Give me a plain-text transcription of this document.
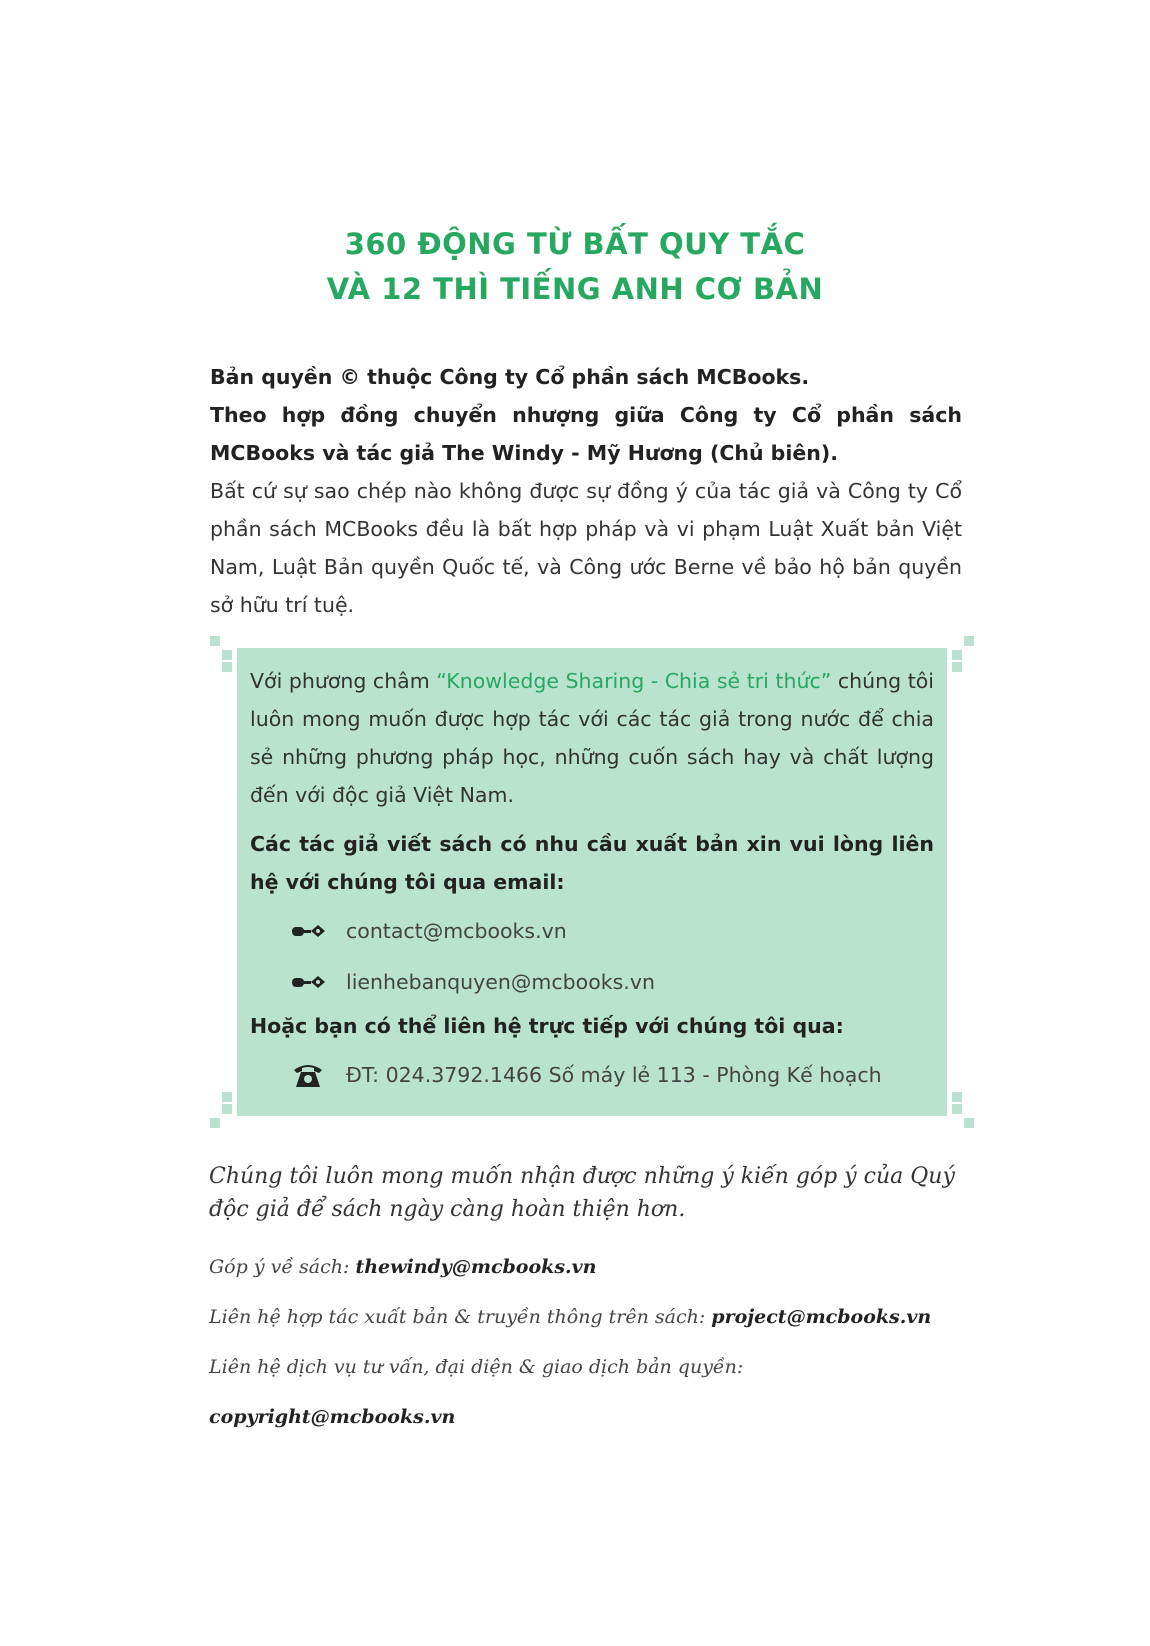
360 ĐỘNG TỪ BẤT QUY TẮC
VÀ 12 THÌ TIẾNG ANH CƠ BẢN
Bản quyền © thuộc Công ty Cổ phần sách MCBooks.
Theo hợp đồng chuyển nhượng giữa Công ty Cổ phần sách MCBooks và tác giả The Windy - Mỹ Hương (Chủ biên).
Bất cứ sự sao chép nào không được sự đồng ý của tác giả và Công ty Cổ phần sách MCBooks đều là bất hợp pháp và vi phạm Luật Xuất bản Việt Nam, Luật Bản quyền Quốc tế, và Công ước Berne về bảo hộ bản quyền sở hữu trí tuệ.

Với phương châm “Knowledge Sharing - Chia sẻ tri thức” chúng tôi luôn mong muốn được hợp tác với các tác giả trong nước để chia sẻ những phương pháp học, những cuốn sách hay và chất lượng đến với độc giả Việt Nam.

Các tác giả viết sách có nhu cầu xuất bản xin vui lòng liên hệ với chúng tôi qua email:

contact@mcbooks.vn
lienhebanquyen@mcbooks.vn

Hoặc bạn có thể liên hệ trực tiếp với chúng tôi qua:

ĐT: 024.3792.1466 Số máy lẻ 113 - Phòng Kế hoạch

Chúng tôi luôn mong muốn nhận được những ý kiến góp ý của Quý độc giả để sách ngày càng hoàn thiện hơn.

Góp ý về sách: thewindy@mcbooks.vn

Liên hệ hợp tác xuất bản & truyền thông trên sách: project@mcbooks.vn

Liên hệ dịch vụ tư vấn, đại diện & giao dịch bản quyền: copyright@mcbooks.vn
